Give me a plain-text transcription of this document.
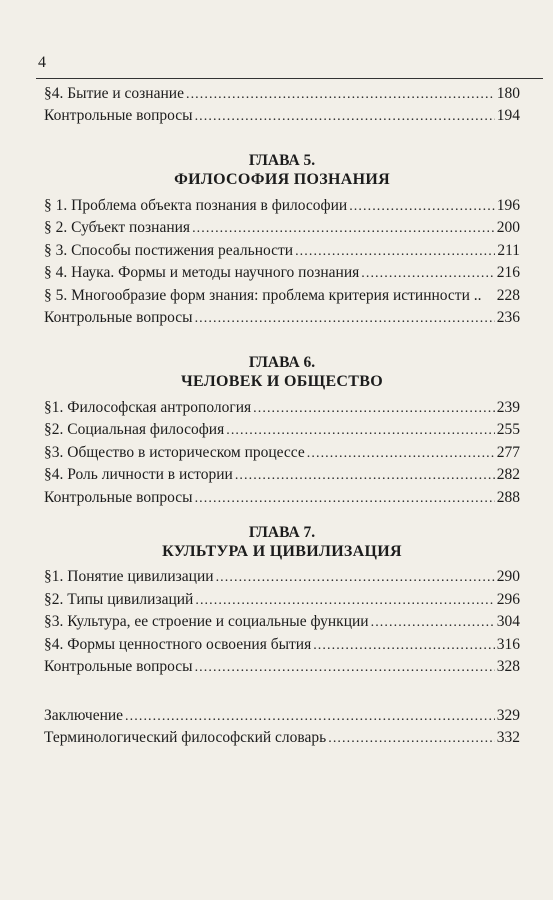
4
§4. Бытие и сознание . . .	180
Контрольные вопросы . . .	194
ГЛАВА 5.
ФИЛОСОФИЯ ПОЗНАНИЯ
§ 1. Проблема объекта познания в философии . . .	196
§ 2. Субъект познания . . .	200
§ 3. Способы постижения реальности . . .	211
§ 4. Наука. Формы и методы научного познания . . .	216
§ 5. Многообразие форм знания: проблема критерия истинности .. 228
Контрольные вопросы . . .	236
ГЛАВА 6.
ЧЕЛОВЕК И ОБЩЕСТВО
§1. Философская антропология . . .	239
§2. Социальная философия . . .	255
§3. Общество в историческом процессе . . .	277
§4. Роль личности в истории . . .	282
Контрольные вопросы . . .	288
ГЛАВА 7.
КУЛЬТУРА И ЦИВИЛИЗАЦИЯ
§1. Понятие цивилизации . . .	290
§2. Типы цивилизаций . . .	296
§3. Культура, ее строение и социальные функции . . .	304
§4. Формы ценностного освоения бытия . . .	316
Контрольные вопросы . . .	328
Заключение . . .	329
Терминологический философский словарь . . .	332
